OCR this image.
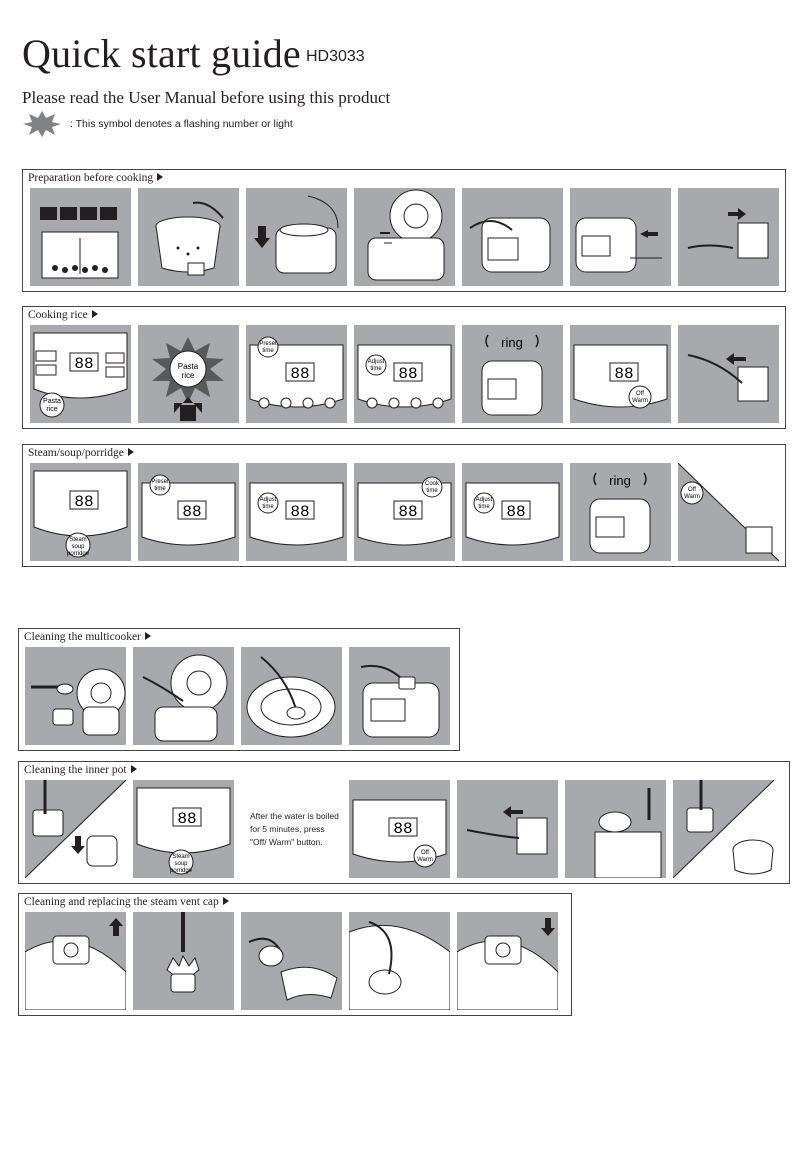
Quick start guide HD3033
Please read the User Manual before using this product
: This symbol denotes a flashing number or light
Preparation before cooking
Cooking rice
88
Pasta
rice
Pasta
rice	88
Preset
time
88
Adjust
time
ring
88
Off
Warm
Steam/soup/porridge
88
Steam
soup
porridge
88
Preset
time
88
Adjust
time	88
Cook
time
88
Adjust
time
ring
Off
Warm
Cleaning the multicooker
Cleaning the inner pot
88
Steam
soup
porridge
After the water is boiled for 5 minutes, press "Off/ Warm" button.
88
Off
Warm
Cleaning and replacing the steam vent cap
